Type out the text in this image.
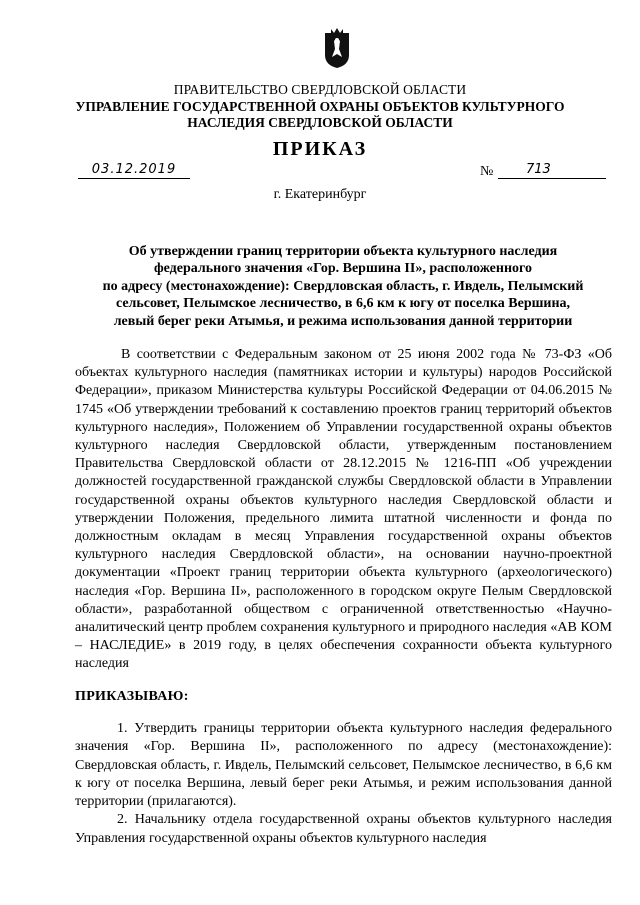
ПРАВИТЕЛЬСТВО СВЕРДЛОВСКОЙ ОБЛАСТИ
УПРАВЛЕНИЕ ГОСУДАРСТВЕННОЙ ОХРАНЫ ОБЪЕКТОВ КУЛЬТУРНОГО НАСЛЕДИЯ СВЕРДЛОВСКОЙ ОБЛАСТИ
ПРИКАЗ
03.12.2019	№	713
г. Екатеринбург
Об утверждении границ территории объекта культурного наследия
федерального значения «Гор. Вершина II», расположенного
по адресу (местонахождение): Свердловская область, г. Ивдель, Пелымский
сельсовет, Пелымское лесничество, в 6,6 км к югу от поселка Вершина,
левый берег реки Атымья, и режима использования данной территории

В соответствии с Федеральным законом от 25 июня 2002 года № 73-ФЗ «Об объектах культурного наследия (памятниках истории и культуры) народов Российской Федерации», приказом Министерства культуры Российской Федерации от 04.06.2015 № 1745 «Об утверждении требований к составлению проектов границ территорий объектов культурного наследия», Положением об Управлении государственной охраны объектов культурного наследия Свердловской области, утвержденным постановлением Правительства Свердловской области от 28.12.2015 № 1216-ПП «Об учреждении должностей государственной гражданской службы Свердловской области в Управлении государственной охраны объектов культурного наследия Свердловской области и утверждении Положения, предельного лимита штатной численности и фонда по должностным окладам в месяц Управления государственной охраны объектов культурного наследия Свердловской области», на основании научно-проектной документации «Проект границ территории объекта культурного (археологического) наследия «Гор. Вершина II», расположенного в городском округе Пелым Свердловской области», разработанной обществом с ограниченной ответственностью «Научно-аналитический центр проблем сохранения культурного и природного наследия «АВ КОМ – НАСЛЕДИЕ» в 2019 году, в целях обеспечения сохранности объекта культурного наследия

ПРИКАЗЫВАЮ:

1. Утвердить границы территории объекта культурного наследия федерального значения «Гор. Вершина II», расположенного по адресу (местонахождение): Свердловская область, г. Ивдель, Пелымский сельсовет, Пелымское лесничество, в 6,6 км к югу от поселка Вершина, левый берег реки Атымья, и режим использования данной территории (прилагаются).

2. Начальнику отдела государственной охраны объектов культурного наследия Управления государственной охраны объектов культурного наследия
